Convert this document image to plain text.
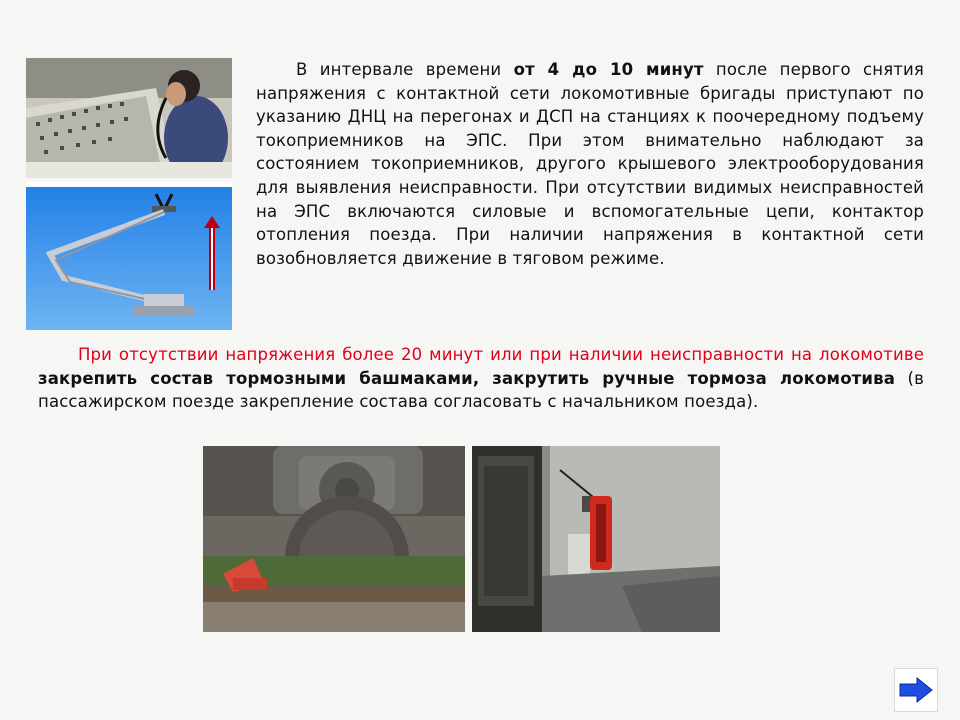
В интервале времени от 4 до 10 минут после первого снятия напряжения с контактной сети локомотивные бригады приступают по указанию ДНЦ на перегонах и ДСП на станциях к поочередному подъему токоприемников на ЭПС. При этом внимательно наблюдают за состоянием токоприемников, другого крышевого электрооборудования для выявления неисправности. При отсутствии видимых неисправностей на ЭПС включаются силовые и вспомогательные цепи, контактор отопления поезда. При наличии напряжения в контактной сети возобновляется движение в тяговом режиме.
При отсутствии напряжения более 20 минут или при наличии неисправности на локомотиве закрепить состав тормозными башмаками, закрутить ручные тормоза локомотива (в пассажирском поезде закрепление состава согласовать с начальником поезда).
